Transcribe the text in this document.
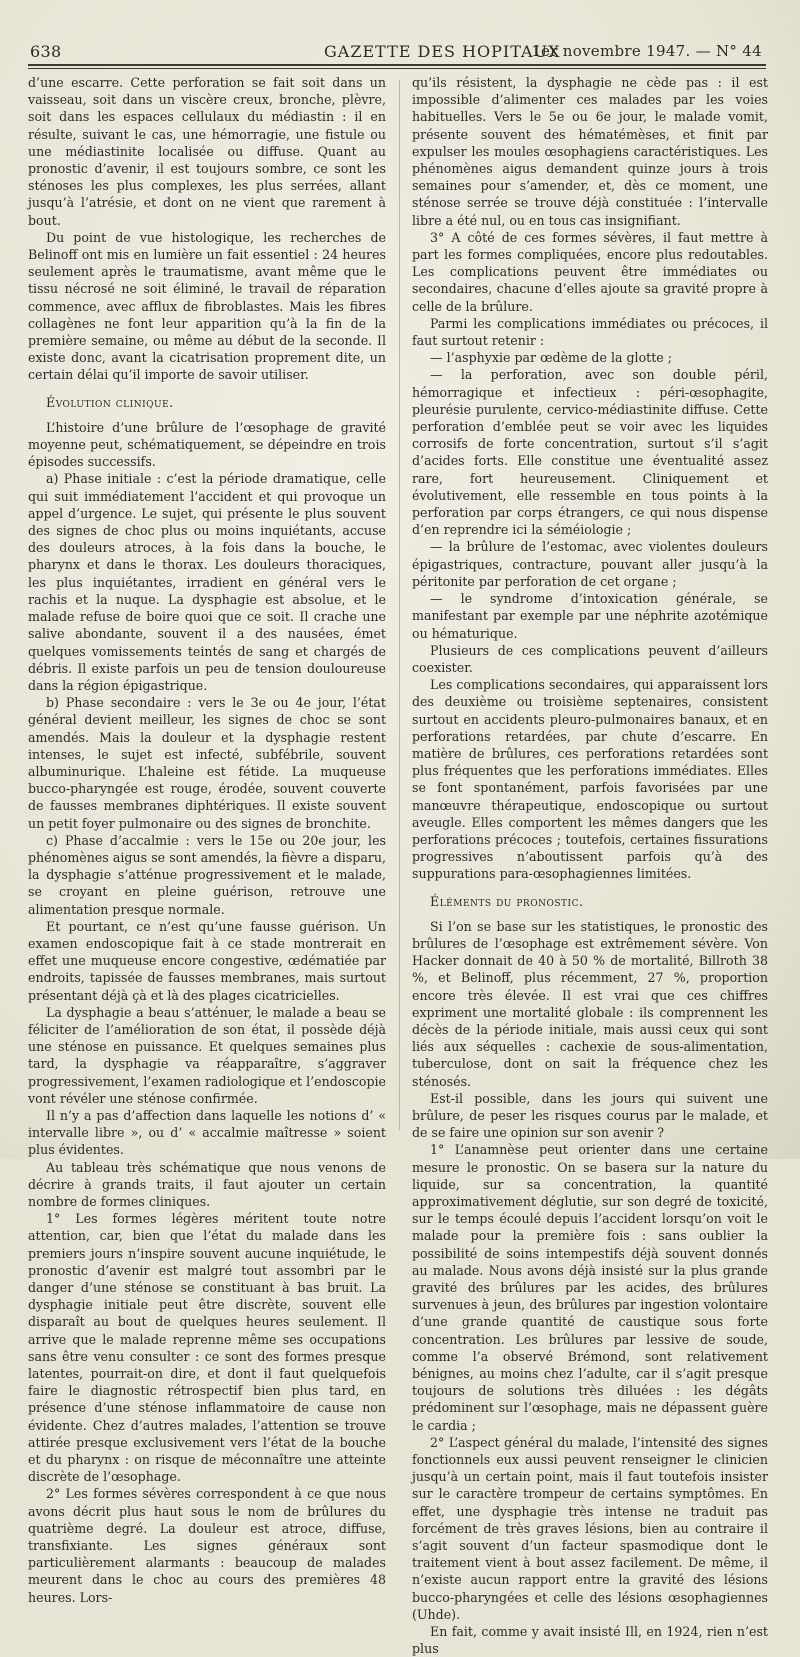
638	GAZETTE DES HOPITAUX
1er novembre 1947. — N° 44

d’une escarre. Cette perforation se fait soit dans un vaisseau, soit dans un viscère creux, bronche, plèvre, soit dans les espaces cellulaux du médiastin : il en résulte, suivant le cas, une hémorragie, une fistule ou une médiastinite localisée ou diffuse. Quant au pronostic d’avenir, il est toujours sombre, ce sont les sténoses les plus complexes, les plus serrées, allant jusqu’à l’atrésie, et dont on ne vient que rarement à bout.

Du point de vue histologique, les recherches de Belinoff ont mis en lumière un fait essentiel : 24 heures seulement après le traumatisme, avant même que le tissu nécrosé ne soit éliminé, le travail de réparation commence, avec afflux de fibroblastes. Mais les fibres collagènes ne font leur apparition qu’à la fin de la première semaine, ou même au début de la seconde. Il existe donc, avant la cicatrisation proprement dite, un certain délai qu’il importe de savoir utiliser.

Évolution clinique.

L’histoire d’une brûlure de l’œsophage de gravité moyenne peut, schématiquement, se dépeindre en trois épisodes successifs.

a) Phase initiale : c’est la période dramatique, celle qui suit immédiatement l’accident et qui provoque un appel d’urgence. Le sujet, qui présente le plus souvent des signes de choc plus ou moins inquiétants, accuse des douleurs atroces, à la fois dans la bouche, le pharynx et dans le thorax. Les douleurs thoraciques, les plus inquiétantes, irradient en général vers le rachis et la nuque. La dysphagie est absolue, et le malade refuse de boire quoi que ce soit. Il crache une salive abondante, souvent il a des nausées, émet quelques vomissements teintés de sang et chargés de débris. Il existe parfois un peu de tension douloureuse dans la région épigastrique.

b) Phase secondaire : vers le 3e ou 4e jour, l’état général devient meilleur, les signes de choc se sont amendés. Mais la douleur et la dysphagie restent intenses, le sujet est infecté, subfébrile, souvent albuminurique. L’haleine est fétide. La muqueuse bucco-pharyngée est rouge, érodée, souvent couverte de fausses membranes diphtériques. Il existe souvent un petit foyer pulmonaire ou des signes de bronchite.

c) Phase d’accalmie : vers le 15e ou 20e jour, les phénomènes aigus se sont amendés, la fièvre a disparu, la dysphagie s’atténue progressivement et le malade, se croyant en pleine guérison, retrouve une alimentation presque normale.

Et pourtant, ce n’est qu’une fausse guérison. Un examen endoscopique fait à ce stade montrerait en effet une muqueuse encore congestive, œdématiée par endroits, tapissée de fausses membranes, mais surtout présentant déjà çà et là des plages cicatricielles.

La dysphagie a beau s’atténuer, le malade a beau se féliciter de l’amélioration de son état, il possède déjà une sténose en puissance. Et quelques semaines plus tard, la dysphagie va réapparaître, s’aggraver progressivement, l’examen radiologique et l’endoscopie vont révéler une sténose confirmée.

Il n’y a pas d’affection dans laquelle les notions d’ « intervalle libre », ou d’ « accalmie maîtresse » soient plus évidentes.

Au tableau très schématique que nous venons de décrire à grands traits, il faut ajouter un certain nombre de formes cliniques.

1° Les formes légères méritent toute notre attention, car, bien que l’état du malade dans les premiers jours n’inspire souvent aucune inquiétude, le pronostic d’avenir est malgré tout assombri par le danger d’une sténose se constituant à bas bruit. La dysphagie initiale peut être discrète, souvent elle disparaît au bout de quelques heures seulement. Il arrive que le malade reprenne même ses occupations sans être venu consulter : ce sont des formes presque latentes, pourrait-on dire, et dont il faut quelquefois faire le diagnostic rétrospectif bien plus tard, en présence d’une sténose inflammatoire de cause non évidente. Chez d’autres malades, l’attention se trouve attirée presque exclusivement vers l’état de la bouche et du pharynx : on risque de méconnaître une atteinte discrète de l’œsophage.

2° Les formes sévères correspondent à ce que nous avons décrit plus haut sous le nom de brûlures du quatrième degré. La douleur est atroce, diffuse, transfixiante. Les signes généraux sont particulièrement alarmants : beaucoup de malades meurent dans le choc au cours des premières 48 heures. Lors-

qu’ils résistent, la dysphagie ne cède pas : il est impossible d’alimenter ces malades par les voies habituelles. Vers le 5e ou 6e jour, le malade vomit, présente souvent des hématémèses, et finit par expulser les moules œsophagiens caractéristiques. Les phénomènes aigus demandent quinze jours à trois semaines pour s’amender, et, dès ce moment, une sténose serrée se trouve déjà constituée : l’intervalle libre a été nul, ou en tous cas insignifiant.

3° A côté de ces formes sévères, il faut mettre à part les formes compliquées, encore plus redoutables. Les complications peuvent être immédiates ou secondaires, chacune d’elles ajoute sa gravité propre à celle de la brûlure.

Parmi les complications immédiates ou précoces, il faut surtout retenir :

— l’asphyxie par œdème de la glotte ;

— la perforation, avec son double péril, hémorragique et infectieux : péri-œsophagite, pleurésie purulente, cervico-médiastinite diffuse. Cette perforation d’emblée peut se voir avec les liquides corrosifs de forte concentration, surtout s’il s’agit d’acides forts. Elle constitue une éventualité assez rare, fort heureusement. Cliniquement et évolutivement, elle ressemble en tous points à la perforation par corps étrangers, ce qui nous dispense d’en reprendre ici la séméiologie ;

— la brûlure de l’estomac, avec violentes douleurs épigastriques, contracture, pouvant aller jusqu’à la péritonite par perforation de cet organe ;

— le syndrome d’intoxication générale, se manifestant par exemple par une néphrite azotémique ou hématurique.

Plusieurs de ces complications peuvent d’ailleurs coexister.

Les complications secondaires, qui apparaissent lors des deuxième ou troisième septenaires, consistent surtout en accidents pleuro-pulmonaires banaux, et en perforations retardées, par chute d’escarre. En matière de brûlures, ces perforations retardées sont plus fréquentes que les perforations immédiates. Elles se font spontanément, parfois favorisées par une manœuvre thérapeutique, endoscopique ou surtout aveugle. Elles comportent les mêmes dangers que les perforations précoces ; toutefois, certaines fissurations progressives n’aboutissent parfois qu’à des suppurations para-œsophagiennes limitées.

Éléments du pronostic.

Si l’on se base sur les statistiques, le pronostic des brûlures de l’œsophage est extrêmement sévère. Von Hacker donnait de 40 à 50 % de mortalité, Billroth 38 %, et Belinoff, plus récemment, 27 %, proportion encore très élevée. Il est vrai que ces chiffres expriment une mortalité globale : ils comprennent les décès de la période initiale, mais aussi ceux qui sont liés aux séquelles : cachexie de sous-alimentation, tuberculose, dont on sait la fréquence chez les sténosés.

Est-il possible, dans les jours qui suivent une brûlure, de peser les risques courus par le malade, et de se faire une opinion sur son avenir ?

1° L’anamnèse peut orienter dans une certaine mesure le pronostic. On se basera sur la nature du liquide, sur sa concentration, la quantité approximativement déglutie, sur son degré de toxicité, sur le temps écoulé depuis l’accident lorsqu’on voit le malade pour la première fois : sans oublier la possibilité de soins intempestifs déjà souvent donnés au malade. Nous avons déjà insisté sur la plus grande gravité des brûlures par les acides, des brûlures survenues à jeun, des brûlures par ingestion volontaire d’une grande quantité de caustique sous forte concentration. Les brûlures par lessive de soude, comme l’a observé Brémond, sont relativement bénignes, au moins chez l’adulte, car il s’agit presque toujours de solutions très diluées : les dégâts prédominent sur l’œsophage, mais ne dépassent guère le cardia ;

2° L’aspect général du malade, l’intensité des signes fonctionnels eux aussi peuvent renseigner le clinicien jusqu’à un certain point, mais il faut toutefois insister sur le caractère trompeur de certains symptômes. En effet, une dysphagie très intense ne traduit pas forcément de très graves lésions, bien au contraire il s’agit souvent d’un facteur spasmodique dont le traitement vient à bout assez facilement. De même, il n’existe aucun rapport entre la gravité des lésions bucco-pharyngées et celle des lésions œsophagiennes (Uhde).

En fait, comme y avait insisté Ill, en 1924, rien n’est plus
